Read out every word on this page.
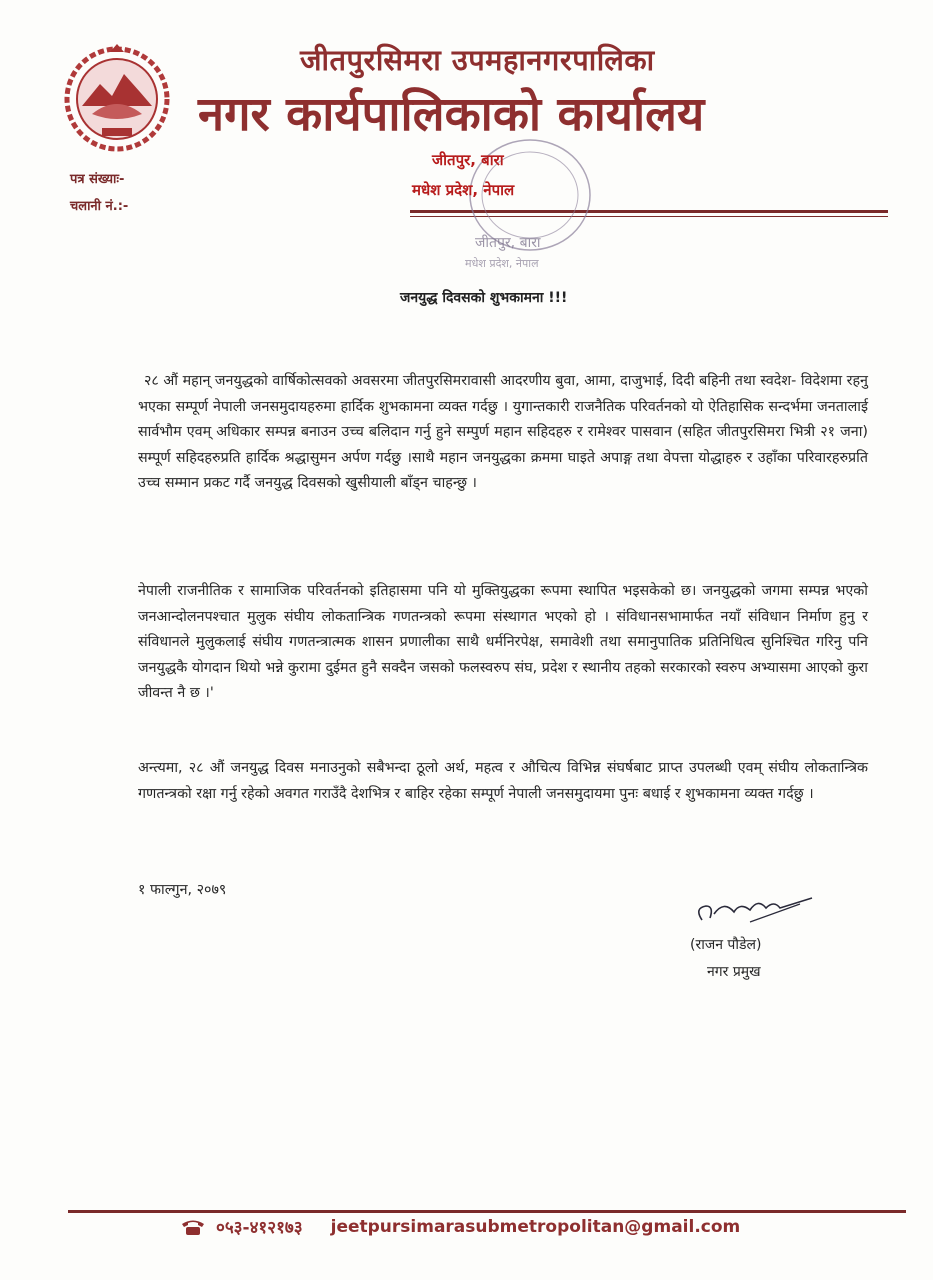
जीतपुरसिमरा उपमहानगरपालिका
नगर कार्यपालिकाको कार्यालय
पत्र संख्याः-
चलानी नं.:-
जीतपुर, बारा
मधेश प्रदेश, नेपाल
जीतपुर, बारा
मधेश प्रदेश, नेपाल
जनयुद्ध दिवसको शुभकामना !!!

२८ औं महान् जनयुद्धको वार्षिकोत्सवको अवसरमा जीतपुरसिमरावासी आदरणीय बुवा, आमा, दाजुभाई, दिदी बहिनी तथा स्वदेश- विदेशमा रहनु भएका सम्पूर्ण नेपाली जनसमुदायहरुमा हार्दिक शुभकामना व्यक्त गर्दछु । युगान्तकारी राजनैतिक परिवर्तनको यो ऐतिहासिक सन्दर्भमा जनतालाई सार्वभौम एवम् अधिकार सम्पन्न बनाउन उच्च बलिदान गर्नु हुने सम्पुर्ण महान सहिदहरु र रामेश्वर पासवान (सहित जीतपुरसिमरा भित्री २१ जना) सम्पूर्ण सहिदहरुप्रति हार्दिक श्रद्धासुमन अर्पण गर्दछु ।साथै महान जनयुद्धका क्रममा घाइते अपाङ्ग तथा वेपत्ता योद्धाहरु र उहाँका परिवारहरुप्रति उच्च सम्मान प्रकट गर्दै जनयुद्ध दिवसको खुसीयाली बाँड्न चाहन्छु ।

नेपाली राजनीतिक र सामाजिक परिवर्तनको इतिहासमा पनि यो मुक्तियुद्धका रूपमा स्थापित भइसकेको छ। जनयुद्धको जगमा सम्पन्न भएको जनआन्दोलनपश्चात मुलुक संघीय लोकतान्त्रिक गणतन्त्रको रूपमा संस्थागत भएको हो । संविधानसभामार्फत नयाँ संविधान निर्माण हुनु र संविधानले मुलुकलाई संघीय गणतन्त्रात्मक शासन प्रणालीका साथै धर्मनिरपेक्ष, समावेशी तथा समानुपातिक प्रतिनिधित्व सुनिश्चित गरिनु पनि जनयुद्धकै योगदान थियो भन्ने कुरामा दुईमत हुनै सक्दैन जसको फलस्वरुप संघ, प्रदेश र स्थानीय तहको सरकारको स्वरुप अभ्यासमा आएको कुरा जीवन्त नै छ ।'

अन्त्यमा, २८ औं जनयुद्ध दिवस मनाउनुको सबैभन्दा ठूलो अर्थ, महत्व र औचित्य विभिन्न संघर्षबाट प्राप्त उपलब्धी एवम् संघीय लोकतान्त्रिक गणतन्त्रको रक्षा गर्नु रहेको अवगत गराउँदै देशभित्र र बाहिर रहेका सम्पूर्ण नेपाली जनसमुदायमा पुनः बधाई र शुभकामना व्यक्त गर्दछु ।

१ फाल्गुन, २०७९
(राजन पौडेल)
नगर प्रमुख
०५३-४१२१७३ jeetpursimarasubmetropolitan@gmail.com
